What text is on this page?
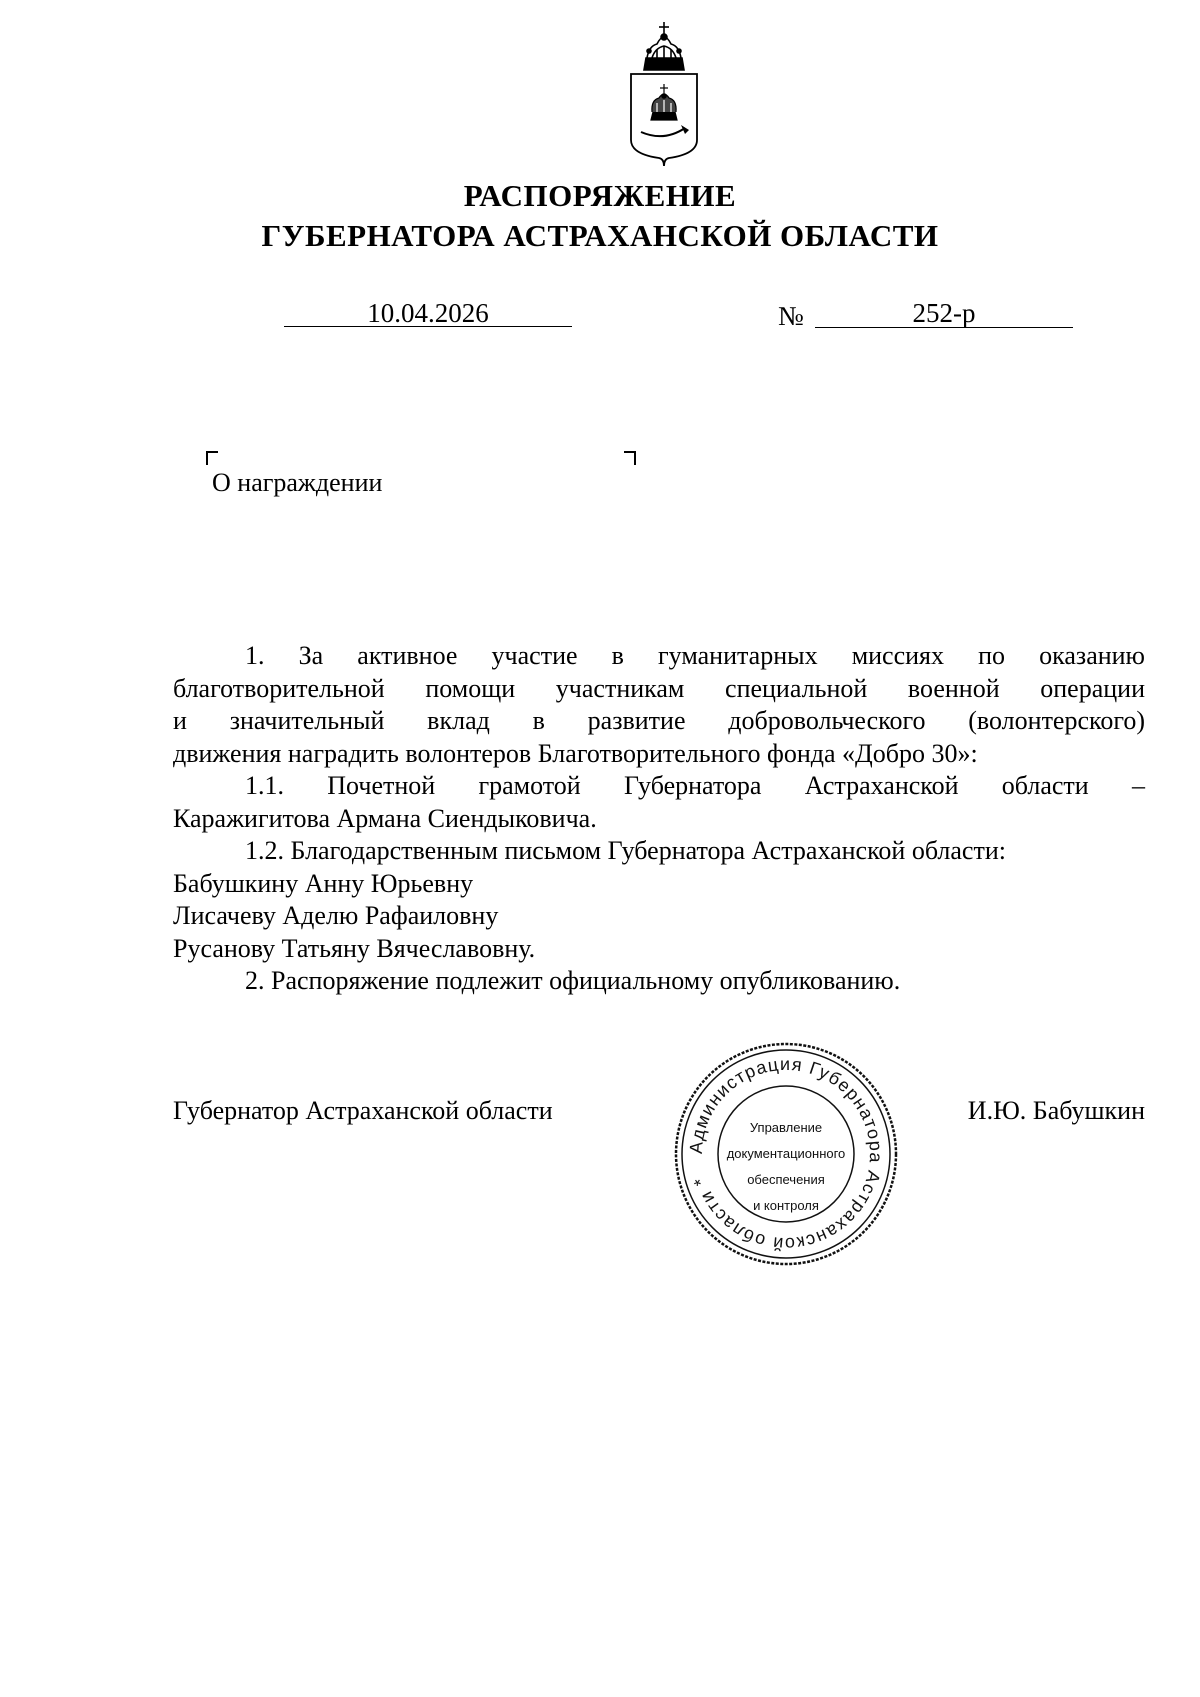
РАСПОРЯЖЕНИЕ
ГУБЕРНАТОРА АСТРАХАНСКОЙ ОБЛАСТИ
10.04.2026	№	252-р
О награждении

1. За активное участие в гуманитарных миссиях по оказанию

благотворительной помощи участникам специальной военной операции

и значительный вклад в развитие добровольческого (волонтерского)

движения наградить волонтеров Благотворительного фонда «Добро 30»:

1.1. Почетной грамотой Губернатора Астраханской области –

Каражигитова Армана Сиендыковича.

1.2. Благодарственным письмом Губернатора Астраханской области:

Бабушкину Анну Юрьевну

Лисачеву Аделю Рафаиловну

Русанову Татьяну Вячеславовну.

2. Распоряжение подлежит официальному опубликованию.

Губернатор Астраханской области	И.Ю. Бабушкин
Администрация Губернатора Астраханской области *
Управление
документационного
обеспечения
и контроля
